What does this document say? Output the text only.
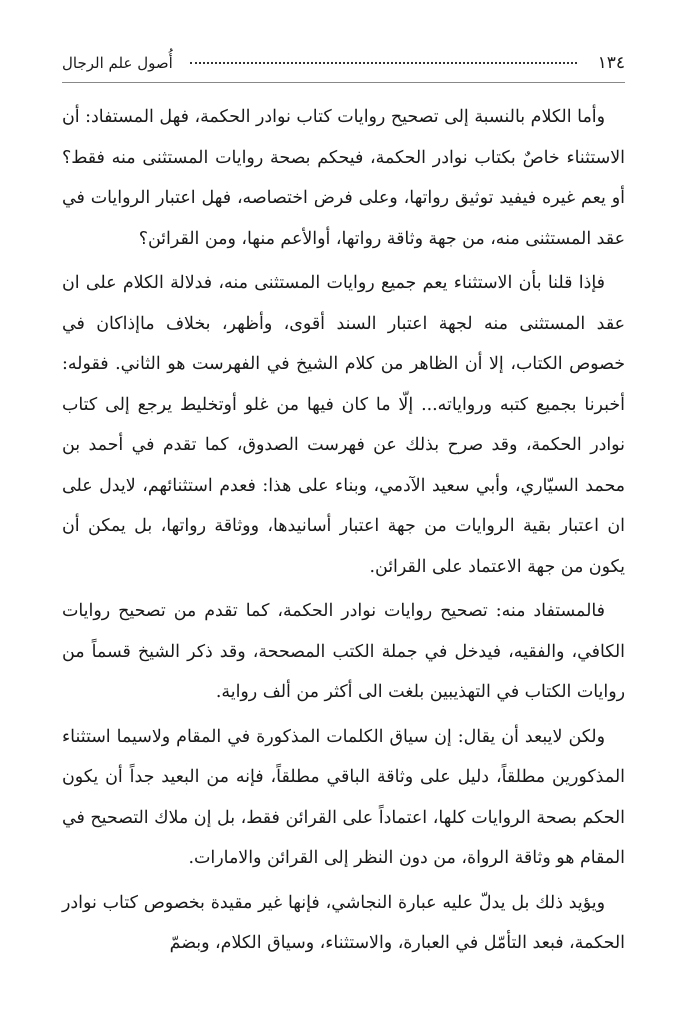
١٣٤
أُصول علم الرجال

وأما الكلام بالنسبة إلى تصحيح روايات كتاب نوادر الحكمة، فهل المستفاد: أن الاستثناء خاصٌ بكتاب نوادر الحكمة، فيحكم بصحة روايات المستثنى منه فقط؟ أو يعم غيره فيفيد توثيق رواتها، وعلى فرض اختصاصه، فهل اعتبار الروايات في عقد المستثنى منه، من جهة وثاقة رواتها، أوالأعم منها، ومن القرائن؟

فإذا قلنا بأن الاستثناء يعم جميع روايات المستثنى منه، فدلالة الكلام على ان عقد المستثنى منه لجهة اعتبار السند أقوى، وأظهر، بخلاف ماإذاكان في خصوص الكتاب، إلا أن الظاهر من كلام الشيخ في الفهرست هو الثاني. فقوله: أخبرنا بجميع كتبه ورواياته... إلّا ما كان فيها من غلو أوتخليط يرجع إلى كتاب نوادر الحكمة، وقد صرح بذلك عن فهرست الصدوق، كما تقدم في أحمد بن محمد السيّاري، وأبي سعيد الآدمي، وبناء على هذا: فعدم استثنائهم، لايدل على ان اعتبار بقية الروايات من جهة اعتبار أسانيدها، ووثاقة رواتها، بل يمكن أن يكون من جهة الاعتماد على القرائن.

فالمستفاد منه: تصحيح روايات نوادر الحكمة، كما تقدم من تصحيح روايات الكافي، والفقيه، فيدخل في جملة الكتب المصححة، وقد ذكر الشيخ قسماً من روايات الكتاب في التهذيبين بلغت الى أكثر من ألف رواية.

ولكن لايبعد أن يقال: إن سياق الكلمات المذكورة في المقام ولاسيما استثناء المذكورين مطلقاً، دليل على وثاقة الباقي مطلقاً، فإنه من البعيد جداً أن يكون الحكم بصحة الروايات كلها، اعتماداً على القرائن فقط، بل إن ملاك التصحيح في المقام هو وثاقة الرواة، من دون النظر إلى القرائن والامارات.

ويؤيد ذلك بل يدلّ عليه عبارة النجاشي، فإنها غير مقيدة بخصوص كتاب نوادر الحكمة، فبعد التأمّل في العبارة، والاستثناء، وسياق الكلام، وبضمّ
